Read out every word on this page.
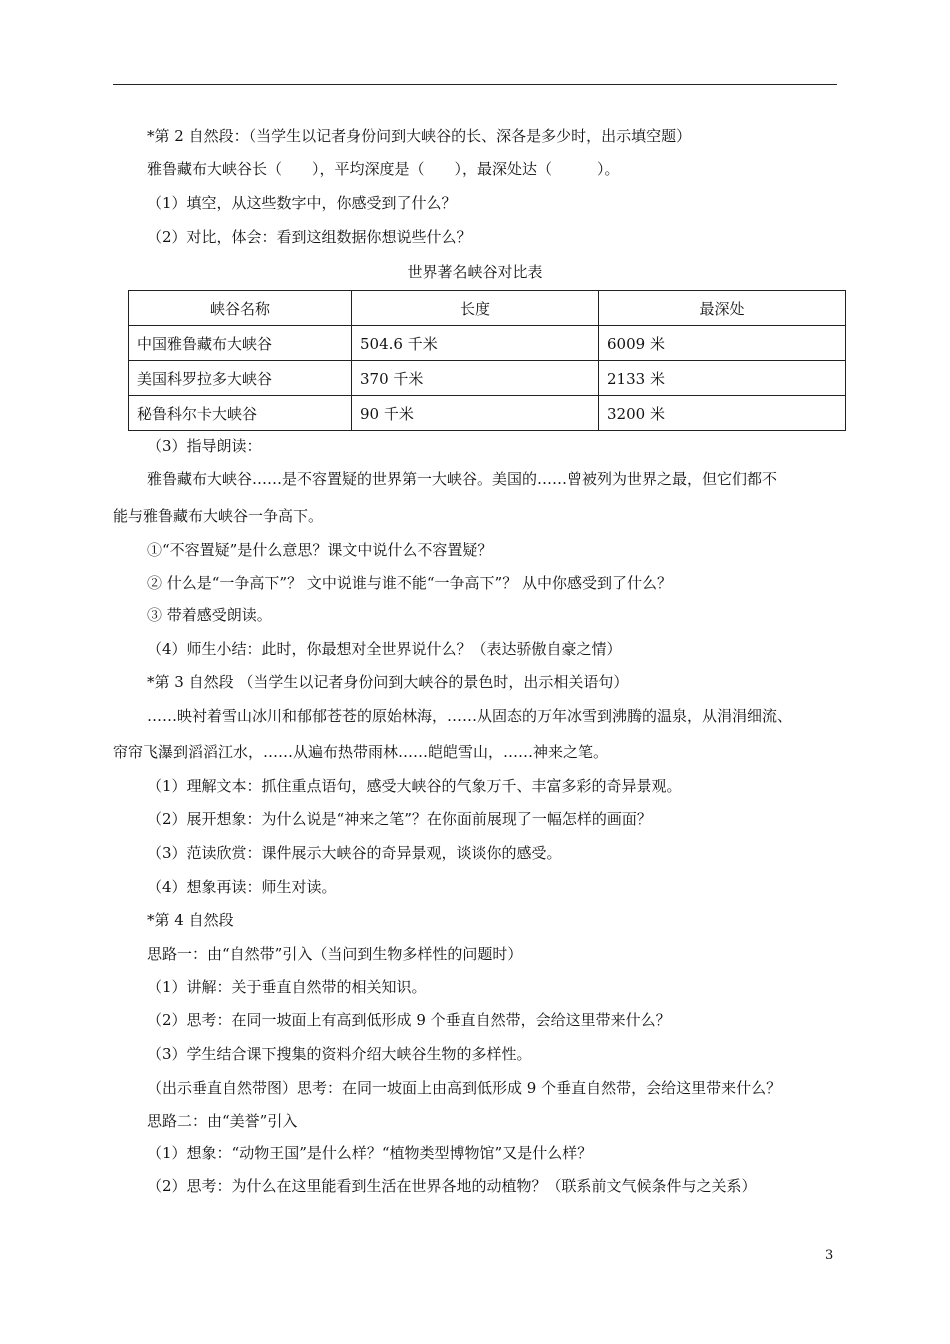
*第 2 自然段：（当学生以记者身份问到大峡谷的长、深各是多少时，出示填空题）
雅鲁藏布大峡谷长（　　），平均深度是（　　），最深处达（　　　）。
（1）填空，从这些数字中，你感受到了什么？
（2）对比，体会：看到这组数据你想说些什么？
世界著名峡谷对比表
峡谷名称	长度	最深处
中国雅鲁藏布大峡谷	504.6 千米	6009 米
美国科罗拉多大峡谷	370 千米	2133 米
秘鲁科尔卡大峡谷	90 千米	3200 米
（3）指导朗读：
雅鲁藏布大峡谷……是不容置疑的世界第一大峡谷。美国的……曾被列为世界之最，但它们都不
能与雅鲁藏布大峡谷一争高下。
①“不容置疑”是什么意思？课文中说什么不容置疑？
② 什么是“一争高下”？ 文中说谁与谁不能“一争高下”？ 从中你感受到了什么？
③ 带着感受朗读。
（4）师生小结：此时，你最想对全世界说什么？（表达骄傲自豪之情）
*第 3 自然段 （当学生以记者身份问到大峡谷的景色时，出示相关语句）
……映衬着雪山冰川和郁郁苍苍的原始林海，……从固态的万年冰雪到沸腾的温泉，从涓涓细流、
帘帘飞瀑到滔滔江水，……从遍布热带雨林……皑皑雪山，……神来之笔。
（1）理解文本：抓住重点语句，感受大峡谷的气象万千、丰富多彩的奇异景观。
（2）展开想象：为什么说是“神来之笔”？在你面前展现了一幅怎样的画面？
（3）范读欣赏：课件展示大峡谷的奇异景观，谈谈你的感受。
（4）想象再读：师生对读。
*第 4 自然段
思路一：由“自然带”引入（当问到生物多样性的问题时）
（1）讲解：关于垂直自然带的相关知识。
（2）思考：在同一坡面上有高到低形成 9 个垂直自然带，会给这里带来什么？
（3）学生结合课下搜集的资料介绍大峡谷生物的多样性。
（出示垂直自然带图）思考：在同一坡面上由高到低形成 9 个垂直自然带，会给这里带来什么？
思路二：由“美誉”引入
（1）想象：“动物王国”是什么样？“植物类型博物馆”又是什么样？
（2）思考：为什么在这里能看到生活在世界各地的动植物？（联系前文气候条件与之关系）
3
